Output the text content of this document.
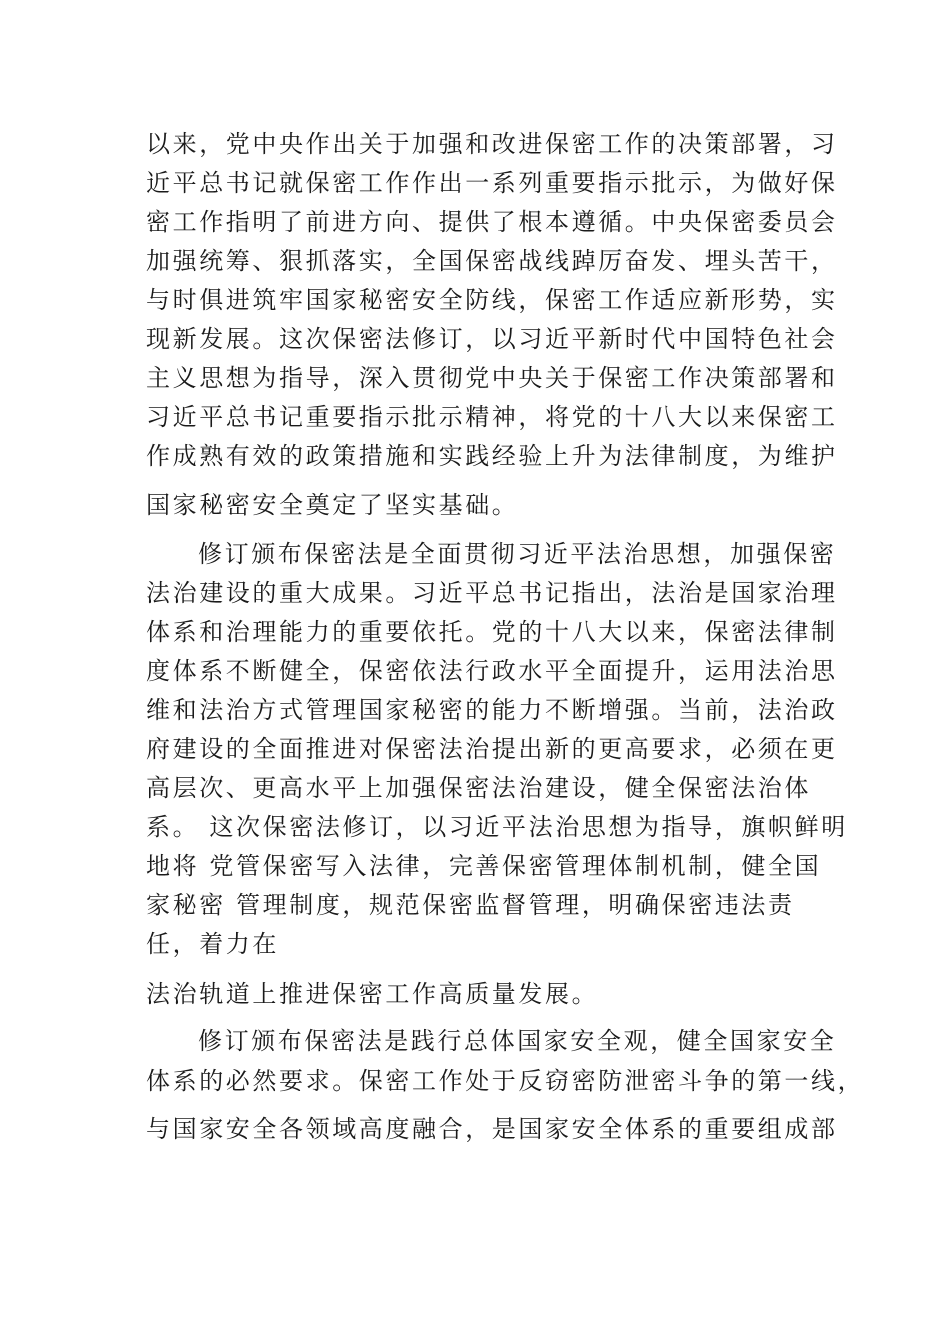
以来，党中央作出关于加强和改进保密工作的决策部署，习
近平总书记就保密工作作出一系列重要指示批示，为做好保
密工作指明了前进方向、提供了根本遵循。中央保密委员会
加强统筹、狠抓落实，全国保密战线踔厉奋发、埋头苦干，
与时俱进筑牢国家秘密安全防线，保密工作适应新形势，实
现新发展。这次保密法修订，以习近平新时代中国特色社会
主义思想为指导，深入贯彻党中央关于保密工作决策部署和
习近平总书记重要指示批示精神，将党的十八大以来保密工
作成熟有效的政策措施和实践经验上升为法律制度，为维护
国家秘密安全奠定了坚实基础。
修订颁布保密法是全面贯彻习近平法治思想，加强保密
法治建设的重大成果。习近平总书记指出，法治是国家治理
体系和治理能力的重要依托。党的十八大以来，保密法律制
度体系不断健全，保密依法行政水平全面提升，运用法治思
维和法治方式管理国家秘密的能力不断增强。当前，法治政
府建设的全面推进对保密法治提出新的更高要求，必须在更
高层次、更高水平上加强保密法治建设，健全保密法治体
系。 这次保密法修订，以习近平法治思想为指导，旗帜鲜明
地将 党管保密写入法律，完善保密管理体制机制，健全国
家秘密 管理制度，规范保密监督管理，明确保密违法责
任，着力在
法治轨道上推进保密工作高质量发展。
修订颁布保密法是践行总体国家安全观，健全国家安全
体系的必然要求。保密工作处于反窃密防泄密斗争的第一线，
与国家安全各领域高度融合，是国家安全体系的重要组成部
